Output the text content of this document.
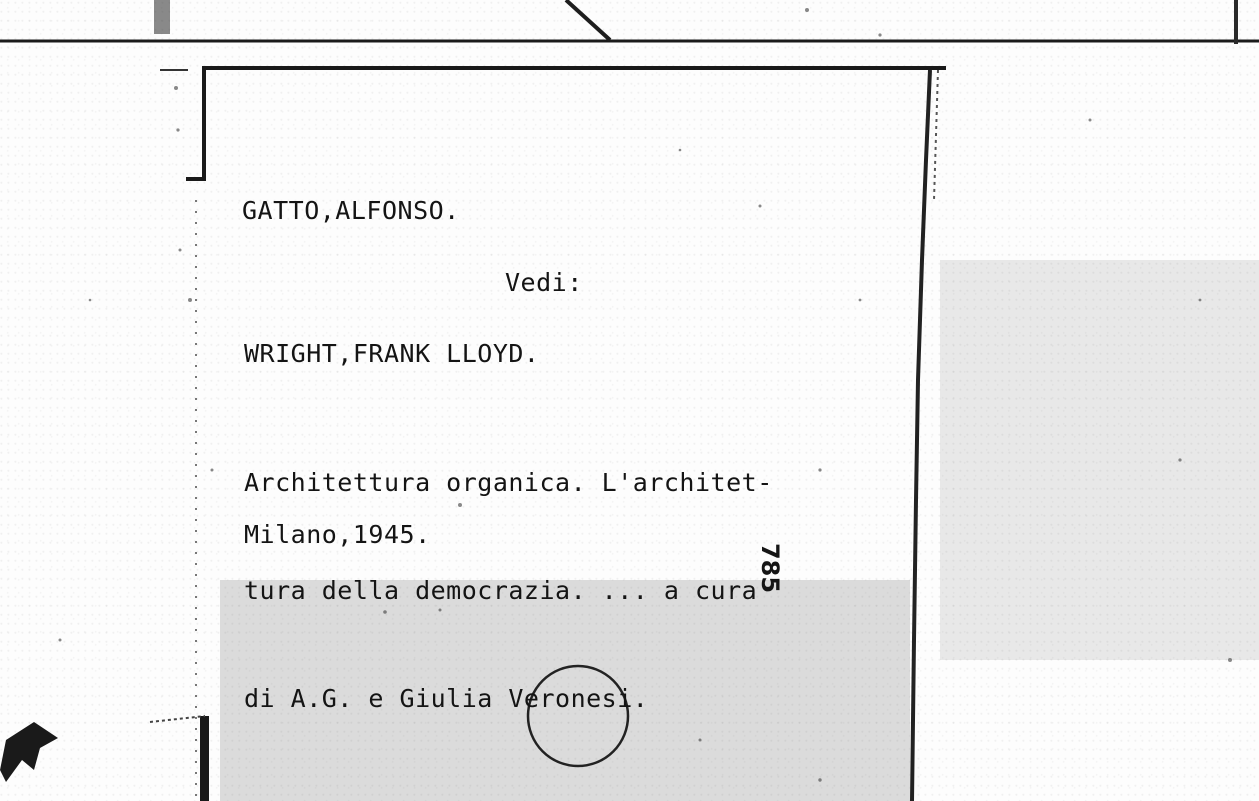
GATTO,ALFONSO.
Vedi:
WRIGHT,FRANK LLOYD.

Architettura organica. L'architet-

tura della democrazia. ... a cura

di A.G. e Giulia Veronesi.

Milano,1945.
785
